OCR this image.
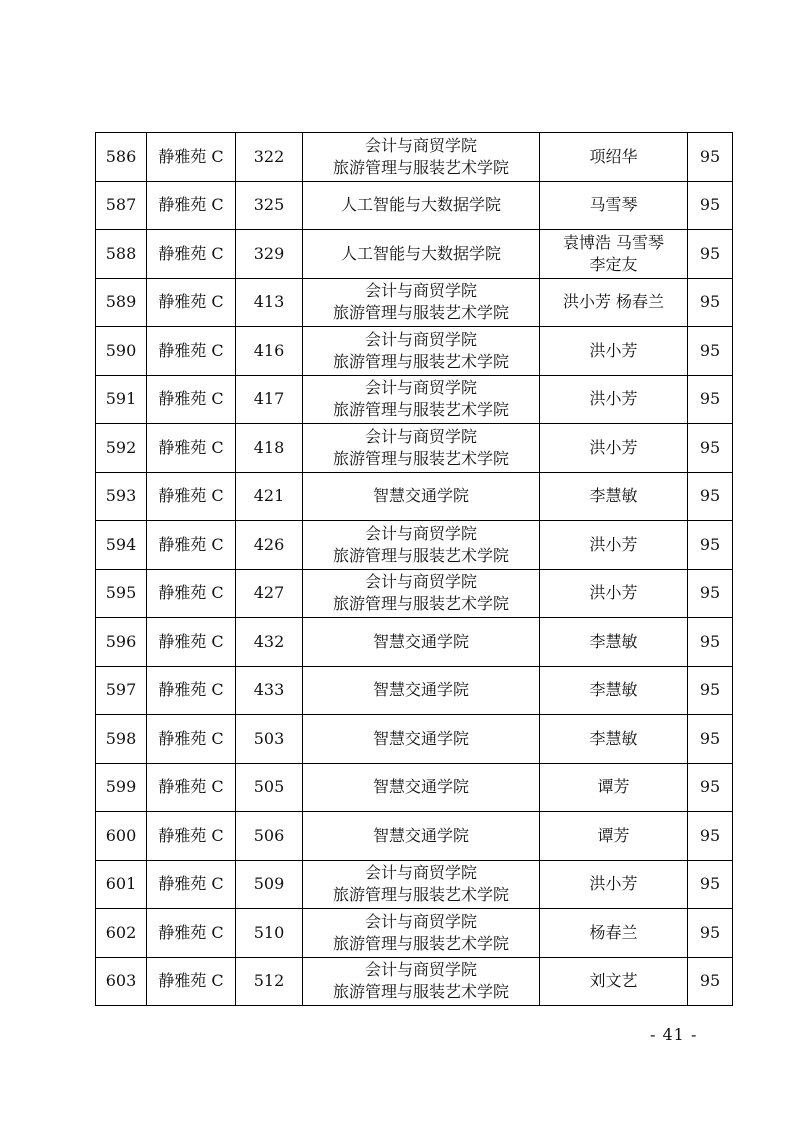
586	静雅苑 C	322	会计与商贸学院
旅游管理与服装艺术学院	项绍华	95
587	静雅苑 C	325	人工智能与大数据学院	马雪琴	95
588	静雅苑 C	329	人工智能与大数据学院	袁博浩 马雪琴
李定友	95
589	静雅苑 C	413	会计与商贸学院
旅游管理与服装艺术学院	洪小芳 杨春兰	95
590	静雅苑 C	416	会计与商贸学院
旅游管理与服装艺术学院	洪小芳	95
591	静雅苑 C	417	会计与商贸学院
旅游管理与服装艺术学院	洪小芳	95
592	静雅苑 C	418	会计与商贸学院
旅游管理与服装艺术学院	洪小芳	95
593	静雅苑 C	421	智慧交通学院	李慧敏	95
594	静雅苑 C	426	会计与商贸学院
旅游管理与服装艺术学院	洪小芳	95
595	静雅苑 C	427	会计与商贸学院
旅游管理与服装艺术学院	洪小芳	95
596	静雅苑 C	432	智慧交通学院	李慧敏	95
597	静雅苑 C	433	智慧交通学院	李慧敏	95
598	静雅苑 C	503	智慧交通学院	李慧敏	95
599	静雅苑 C	505	智慧交通学院	谭芳	95
600	静雅苑 C	506	智慧交通学院	谭芳	95
601	静雅苑 C	509	会计与商贸学院
旅游管理与服装艺术学院	洪小芳	95
602	静雅苑 C	510	会计与商贸学院
旅游管理与服装艺术学院	杨春兰	95
603	静雅苑 C	512	会计与商贸学院
旅游管理与服装艺术学院	刘文艺	95
- 41 -
